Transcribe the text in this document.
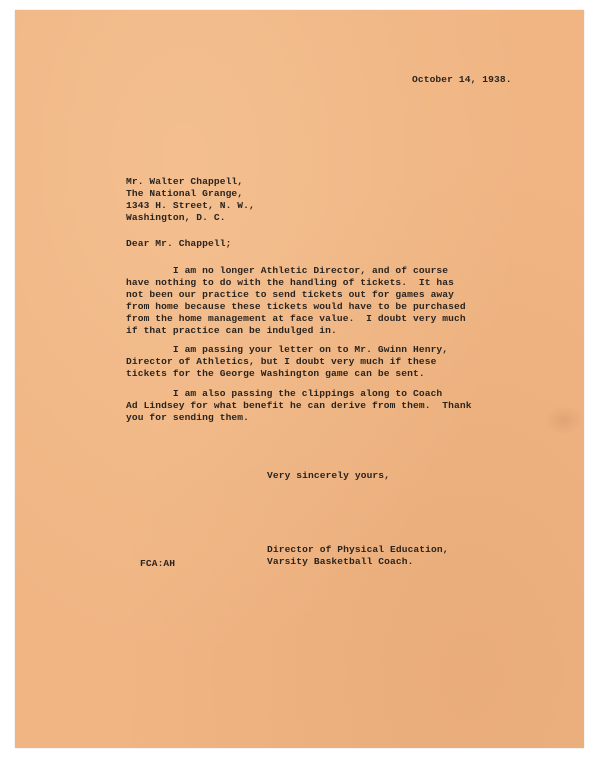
October 14, 1938.
Mr. Walter Chappell,
The National Grange,
1343 H. Street, N. W.,
Washington, D. C.
Dear Mr. Chappell;
I am no longer Athletic Director, and of course
have nothing to do with the handling of tickets.  It has
not been our practice to send tickets out for games away
from home because these tickets would have to be purchased
from the home management at face value.  I doubt very much
if that practice can be indulged in.
I am passing your letter on to Mr. Gwinn Henry,
Director of Athletics, but I doubt very much if these
tickets for the George Washington game can be sent.
I am also passing the clippings along to Coach
Ad Lindsey for what benefit he can derive from them.  Thank
you for sending them.
Very sincerely yours,
Director of Physical Education,
Varsity Basketball Coach.
FCA:AH
